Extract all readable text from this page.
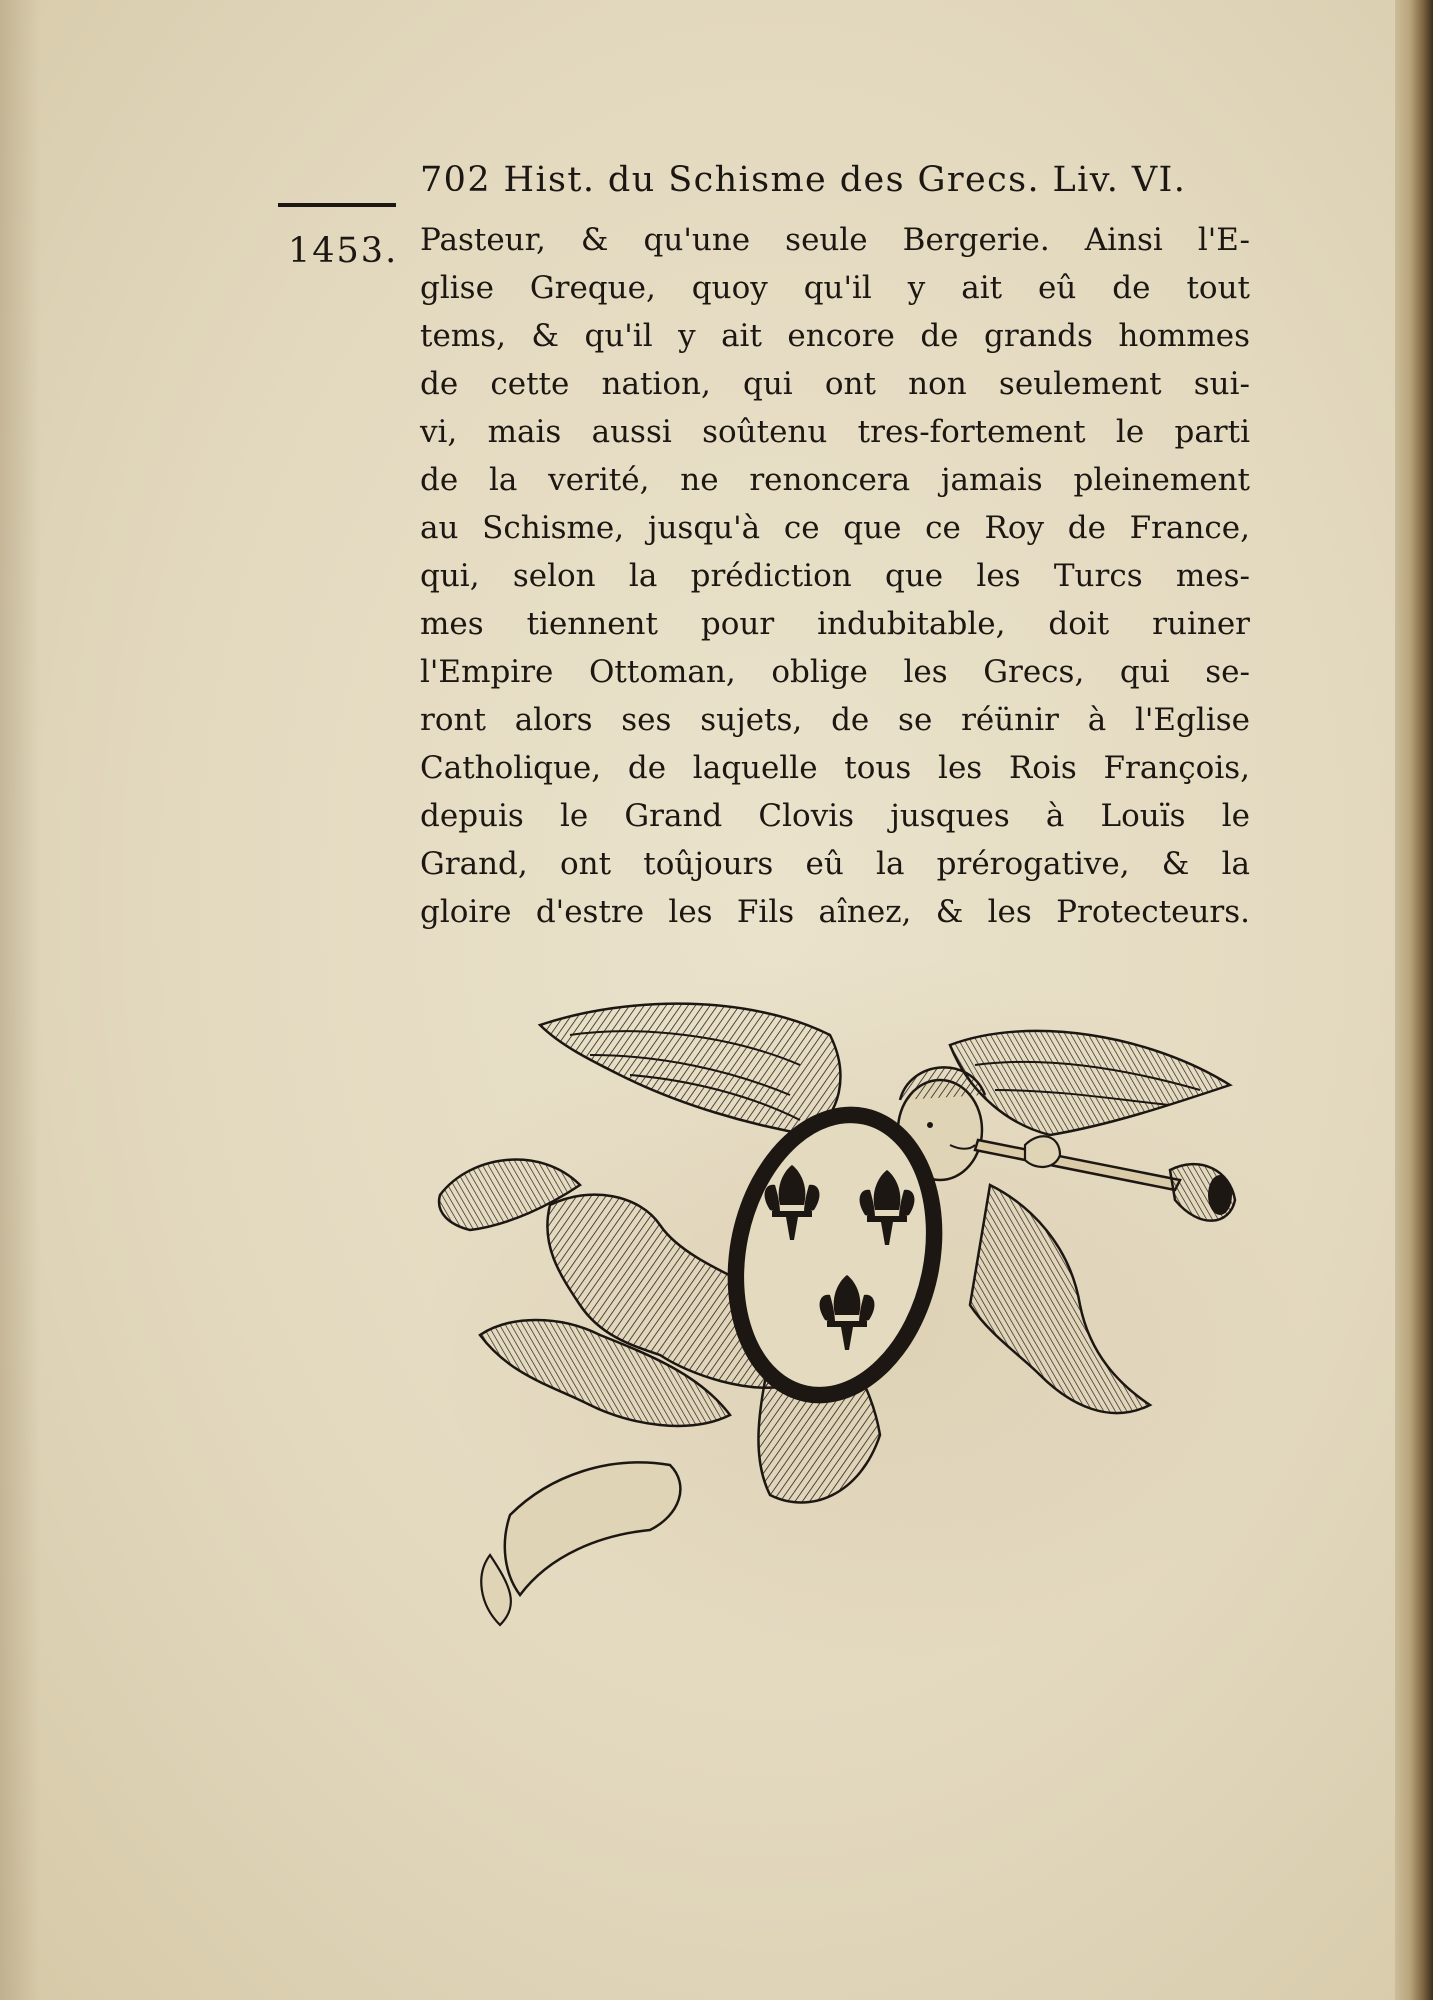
702 Hist. du Schisme des Grecs. Liv. VI.
1453. Pasteur, & qu'une seule Bergerie. Ainsi l'E-
glise Greque, quoy qu'il y ait eû de tout
tems, & qu'il y ait encore de grands hommes
de cette nation, qui ont non seulement sui-
vi, mais aussi soûtenu tres-fortement le parti
de la verité, ne renoncera jamais pleinement
au Schisme, jusqu'à ce que ce Roy de France,
qui, selon la prédiction que les Turcs mes-
mes tiennent pour indubitable, doit ruiner
l'Empire Ottoman, oblige les Grecs, qui se-
ront alors ses sujets, de se réünir à l'Eglise
Catholique, de laquelle tous les Rois François,
depuis le Grand Clovis jusques à Louïs le
Grand, ont toûjours eû la prérogative, & la
gloire d'estre les Fils aînez, & les Protecteurs.
